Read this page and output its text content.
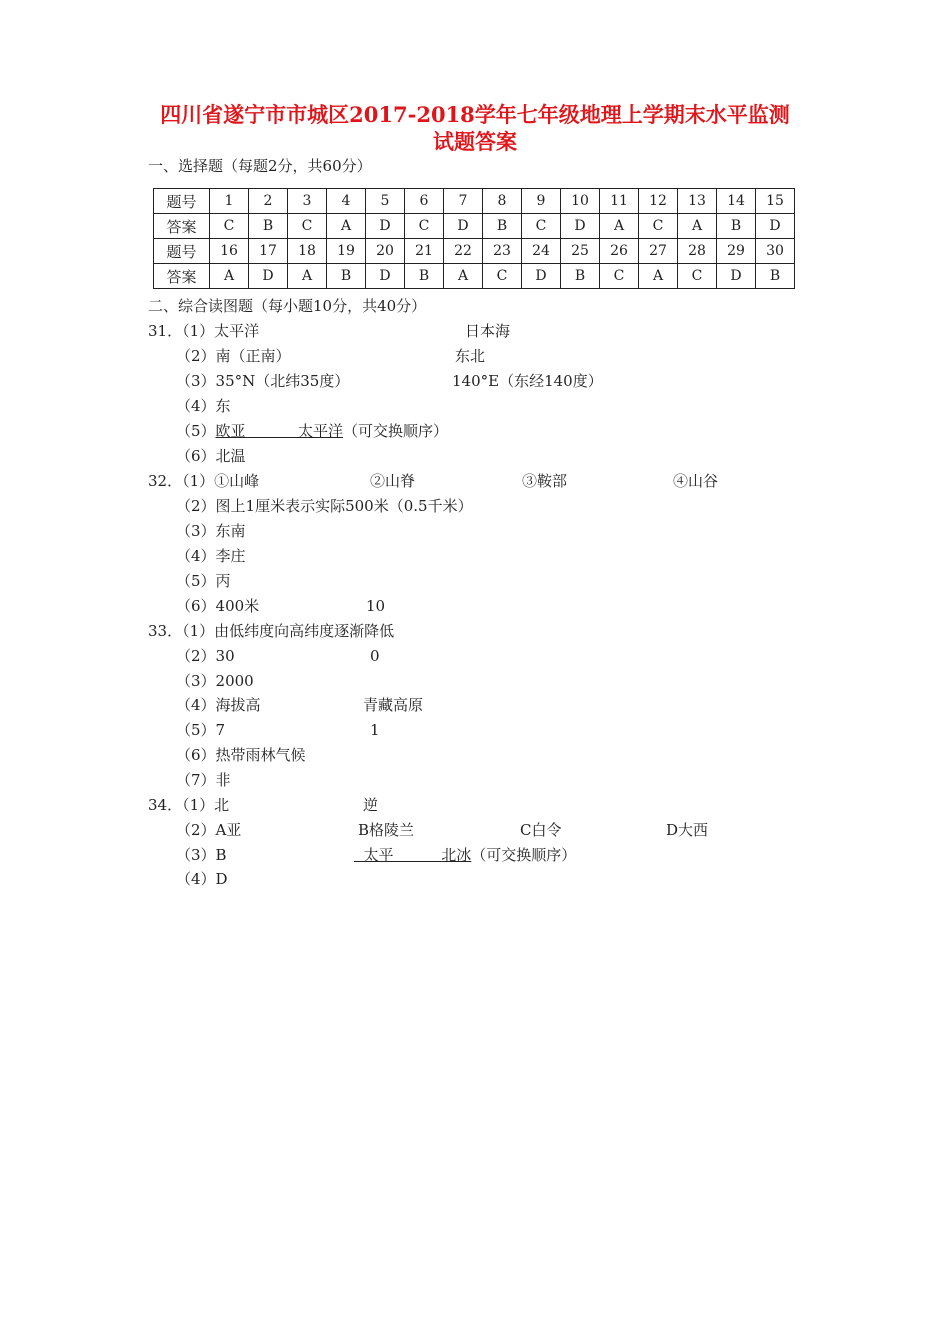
四川省遂宁市市城区2017-2018学年七年级地理上学期末水平监测
试题答案
一、选择题（每题2分，共60分）
题号	1	2	3	4	5	6	7	8	9	10	11	12	13	14	15
答案	C	B	C	A	D	C	D	B	C	D	A	C	A	B	D
题号	16	17	18	19	20	21	22	23	24	25	26	27	28	29	30
答案	A	D	A	B	D	B	A	C	D	B	C	A	C	D	B
二、综合读图题（每小题10分，共40分）
31．（1）太平洋	日本海
（2）南（正南）	东北
（3）35°N（北纬35度）	140°E（东经140度）
（4）东
（5）欧亚	太平洋（可交换顺序）
（6）北温
32．（1）①山峰	②山脊	③鞍部	④山谷
（2）图上1厘米表示实际500米（0.5千米）
（3）东南
（4）李庄
（5）丙
（6）400米	10
33．（1）由低纬度向高纬度逐渐降低
（2）30	0
（3）2000
（4）海拔高	青藏高原
（5）7	1
（6）热带雨林气候
（7）非
34．（1）北	逆
（2）A亚	B格陵兰	C白令	D大西
（3）B	太平	北冰（可交换顺序）
（4）D
